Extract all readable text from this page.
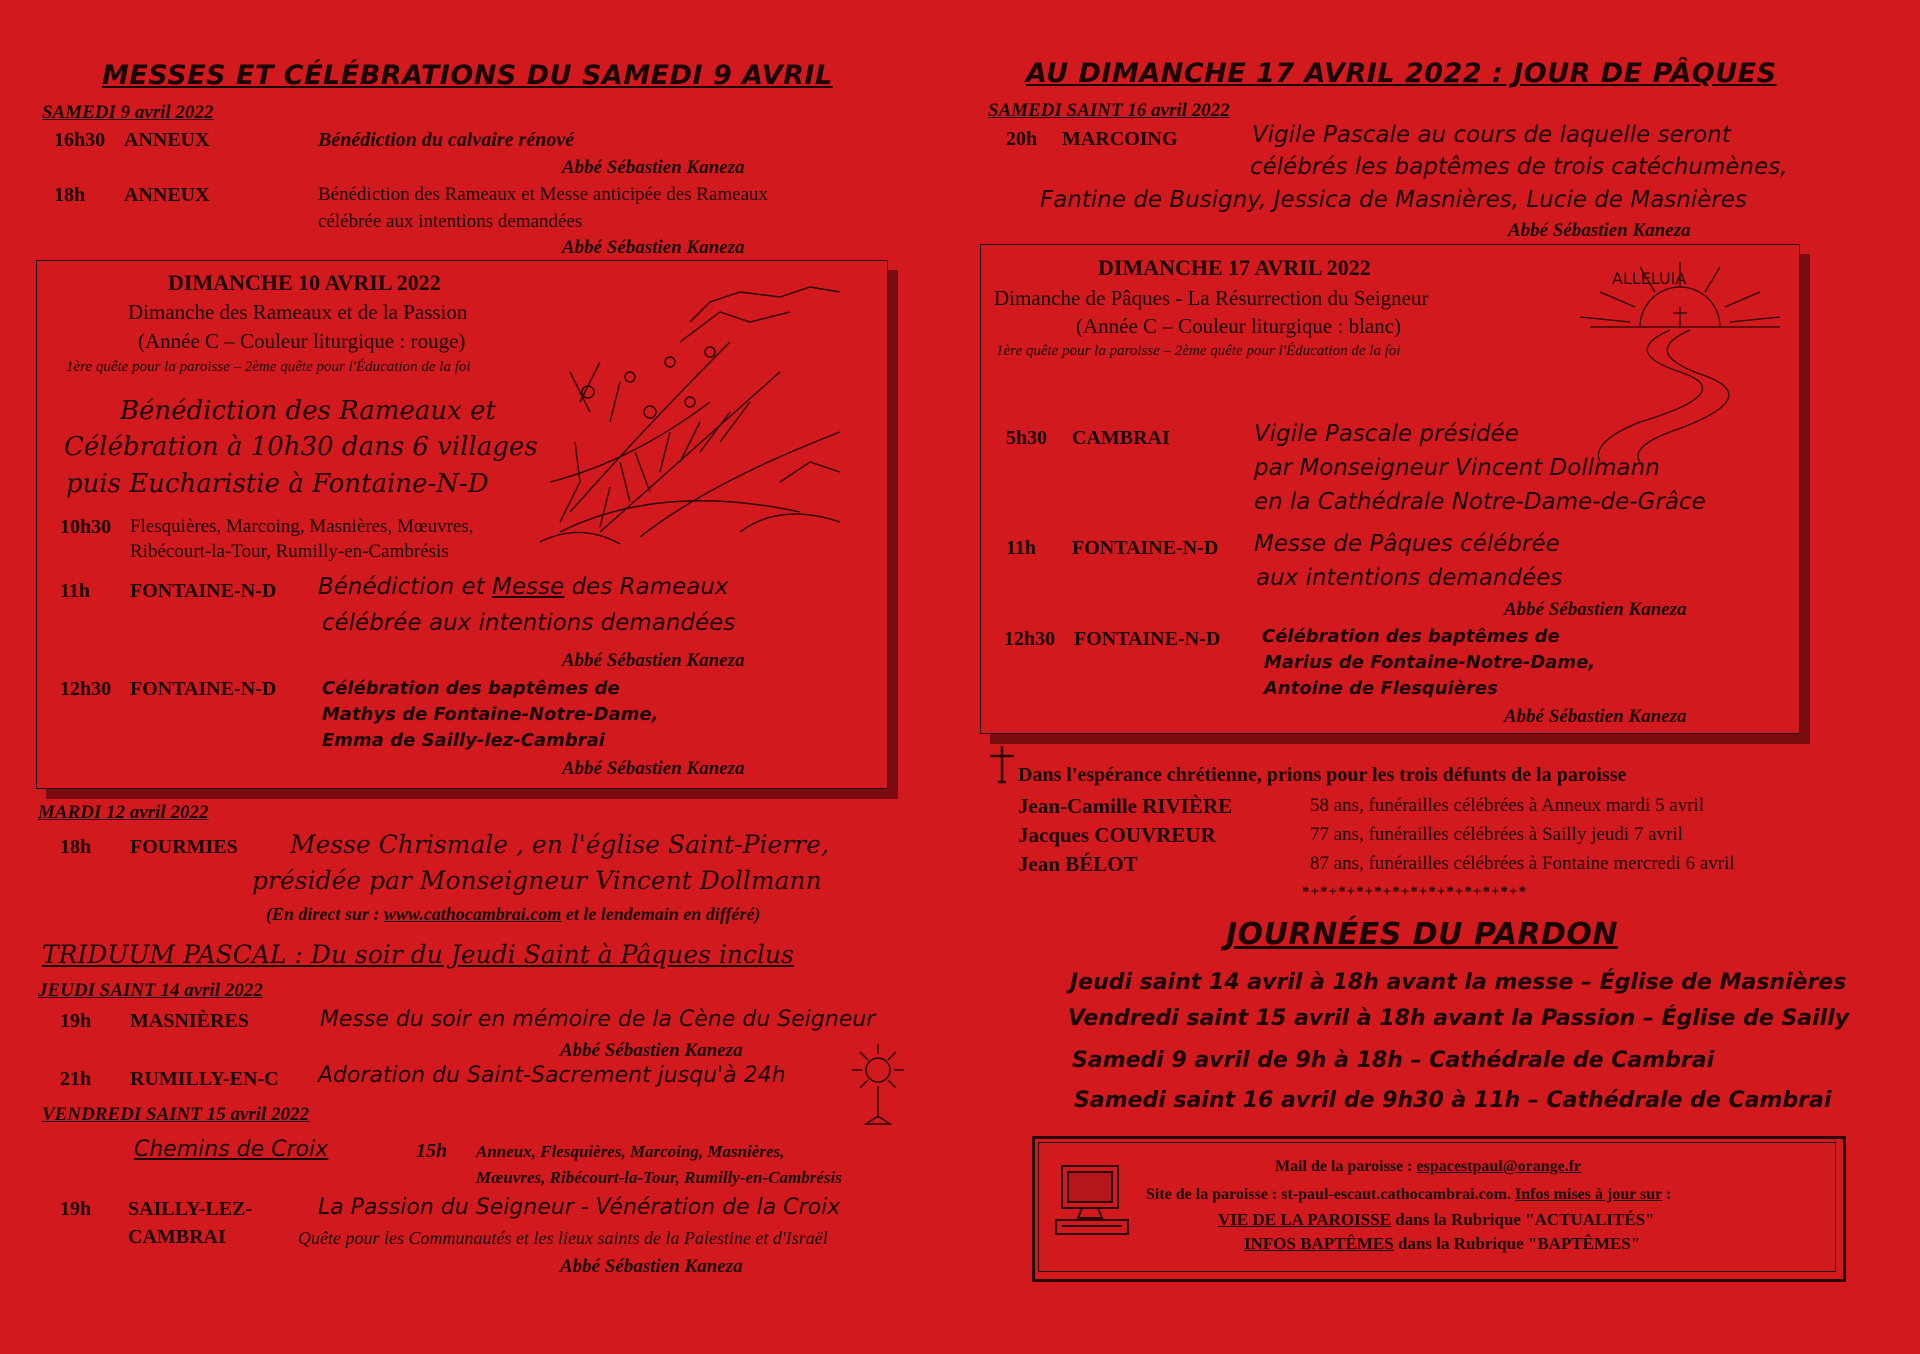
MESSES ET CÉLÉBRATIONS DU SAMEDI 9 AVRIL
SAMEDI 9 avril 2022
16h30 ANNEUX	Bénédiction du calvaire rénové
Abbé Sébastien Kaneza
18h ANNEUX	Bénédiction des Rameaux et Messe anticipée des Rameaux
célébrée aux intentions demandées
Abbé Sébastien Kaneza
DIMANCHE 10 AVRIL 2022
Dimanche des Rameaux et de la Passion
(Année C – Couleur liturgique : rouge)
1ère quête pour la paroisse – 2ème quête pour l'Éducation de la foi
Bénédiction des Rameaux et
Célébration à 10h30 dans 6 villages
puis Eucharistie à Fontaine-N-D
10h30 Flesquières, Marcoing, Masnières, Mœuvres,
Ribécourt-la-Tour, Rumilly-en-Cambrésis
11h FONTAINE-N-D Bénédiction et Messe des Rameaux
célébrée aux intentions demandées
Abbé Sébastien Kaneza
12h30 FONTAINE-N-D	Célébration des baptêmes de
Mathys de Fontaine-Notre-Dame,
Emma de Sailly-lez-Cambrai
Abbé Sébastien Kaneza
MARDI 12 avril 2022
18h FOURMIES Messe Chrismale , en l'église Saint-Pierre,
présidée par Monseigneur Vincent Dollmann
(En direct sur : www.cathocambrai.com et le lendemain en différé)
TRIDUUM PASCAL : Du soir du Jeudi Saint à Pâques inclus
JEUDI SAINT 14 avril 2022
19h MASNIÈRES	Messe du soir en mémoire de la Cène du Seigneur
Abbé Sébastien Kaneza
21h RUMILLY-EN-C Adoration du Saint-Sacrement jusqu'à 24h
VENDREDI SAINT 15 avril 2022
Chemins de Croix	15h Anneux, Flesquières, Marcoing, Masnières,
Mœuvres, Ribécourt-la-Tour, Rumilly-en-Cambrésis
19h SAILLY-LEZ-
CAMBRAI
La Passion du Seigneur - Vénération de la Croix
Quête pour les Communautés et les lieux saints de la Palestine et d'Israël
Abbé Sébastien Kaneza
AU DIMANCHE 17 AVRIL 2022 : JOUR DE PÂQUES
SAMEDI SAINT 16 avril 2022
20h MARCOING	Vigile Pascale au cours de laquelle seront
célébrés les baptêmes de trois catéchumènes,
Fantine de Busigny, Jessica de Masnières, Lucie de Masnières
Abbé Sébastien Kaneza
DIMANCHE 17 AVRIL 2022
Dimanche de Pâques - La Résurrection du Seigneur
(Année C – Couleur liturgique : blanc)
1ère quête pour la paroisse – 2ème quête pour l'Éducation de la foi
ALLELUIA
5h30 CAMBRAI	Vigile Pascale présidée
par Monseigneur Vincent Dollmann
en la Cathédrale Notre-Dame-de-Grâce
11h FONTAINE-N-D Messe de Pâques célébrée
aux intentions demandées
Abbé Sébastien Kaneza
12h30 FONTAINE-N-D Célébration des baptêmes de
Marius de Fontaine-Notre-Dame,
Antoine de Flesquières
Abbé Sébastien Kaneza
Dans l'espérance chrétienne, prions pour les trois défunts de la paroisse
Jean-Camille RIVIÈRE	58 ans, funérailles célébrées à Anneux mardi 5 avril
Jacques COUVREUR	77 ans, funérailles célébrées à Sailly jeudi 7 avril
Jean BÉLOT	87 ans, funérailles célébrées à Fontaine mercredi 6 avril
*+*+*+*+*+*+*+*+*+*+*+*+*
JOURNÉES DU PARDON
Jeudi saint 14 avril à 18h avant la messe – Église de Masnières
Vendredi saint 15 avril à 18h avant la Passion – Église de Sailly
Samedi 9 avril de 9h à 18h – Cathédrale de Cambrai
Samedi saint 16 avril de 9h30 à 11h – Cathédrale de Cambrai
Mail de la paroisse : espacestpaul@orange.fr
Site de la paroisse : st-paul-escaut.cathocambrai.com. Infos mises à jour sur :
VIE DE LA PAROISSE dans la Rubrique "ACTUALITÉS"
INFOS BAPTÊMES dans la Rubrique "BAPTÊMES"
